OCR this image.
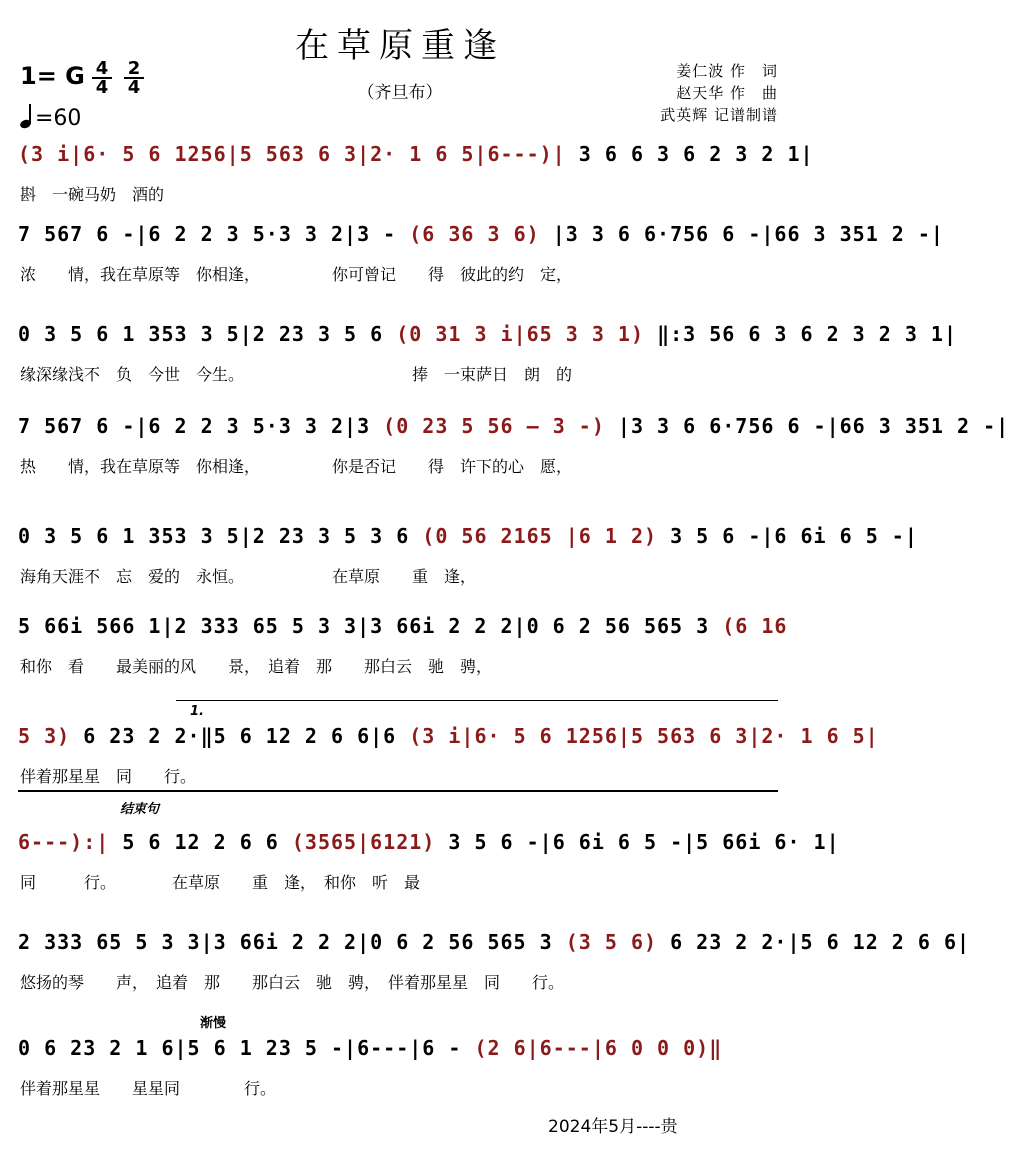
在草原重逢
（齐旦布）
1= G $\frac{4}{4} \frac{2}{4}$
=60
姜仁波 作　词
赵天华 作　曲
武英辉 记谱制谱
(3 i|6· 5 6 1256|5 563 6 3|2· 1 6 5|6---)| 3 6 6 3 6 2 3 2 1|
斟　一碗马奶　酒的
7 567 6 -|6 2 2 3 5·3 3 2|3 - (6 36 3 6) |3 3 6 6·756 6 -|66 3 351 2 -|
浓　　情，我在草原等　你相逢，　　　　　你可曾记　　得　彼此的约　定，
0 3 5 6 1 353 3 5|2 23 3 5 6 (0 31 3 i|65 3 3 1) ‖:3 56 6 3 6 2 3 2 3 1|
缘深缘浅不　负　今世　今生。　　　　　　　　　　　捧　一束萨日　朗　的
7 567 6 -|6 2 2 3 5·3 3 2|3 (0 23 5 56 — 3 -) |3 3 6 6·756 6 -|66 3 351 2 -|
热　　情，我在草原等　你相逢，　　　　　你是否记　　得　许下的心　愿，
0 3 5 6 1 353 3 5|2 23 3 5 3 6 (0 56 2165 |6 1 2) 3 5 6 -|6 6i 6 5 -|
海角天涯不　忘　爱的　永恒。　　　　　　在草原　　重　逢，
5 66i 566 1|2 333 65 5 3 3|3 66i 2 2 2|0 6 2 56 565 3 (6 16
和你　看　　最美丽的风　　景，　追着　那　　那白云　驰　骋，
5 3) 6 23 2 2·‖5 6 12 2 6 6|6 (3 i|6· 5 6 1256|5 563 6 3|2· 1 6 5|
伴着那星星　同　　行。
6---):| 5 6 12 2 6 6 (3565|6121) 3 5 6 -|6 6i 6 5 -|5 66i 6· 1|
同　　　行。　　　　在草原　　重　逢，　和你　听　最
2 333 65 5 3 3|3 66i 2 2 2|0 6 2 56 565 3 (3 5 6) 6 23 2 2·|5 6 12 2 6 6|
悠扬的琴　　声，　追着　那　　那白云　驰　骋，　伴着那星星　同　　行。
0 6 23 2 1 6|5 6 1 23 5 -|6---|6 - (2 6|6---|6 0 0 0)‖
伴着那星星　　星星同　　　　行。
1.
结束句
渐慢
2024年5月----贵
